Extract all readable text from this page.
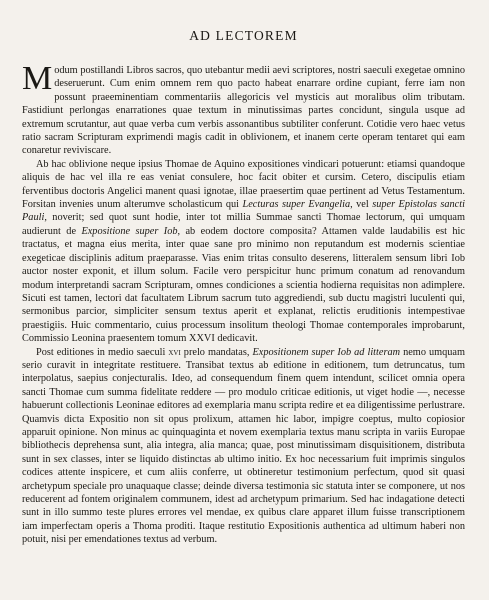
AD LECTOREM

Modum postillandi Libros sacros, quo utebantur medii aevi scriptores, nostri saeculi exegetae omnino deseruerunt. Cum enim omnem rem quo pacto habeat enarrare ordine cupiant, ferre iam non possunt praeeminentiam commentariis allegoricis vel mysticis aut moralibus olim tributam. Fastidiunt perlongas enarrationes quae textum in minutissimas partes concidunt, singula usque ad extremum scrutantur, aut quae verba cum verbis assonantibus subtiliter conferunt. Cotidie vero haec vetus ratio sacram Scripturam exprimendi magis cadit in oblivionem, et inanem certe operam tentaret qui eam conaretur reviviscare.

Ab hac oblivione neque ipsius Thomae de Aquino expositiones vindicari potuerunt: etiamsi quandoque aliquis de hac vel illa re eas veniat consulere, hoc facit obiter et cursim. Cetero, discipulis etiam ferventibus doctoris Angelici manent quasi ignotae, illae praesertim quae pertinent ad Vetus Testamentum. Forsitan invenies unum alterumve scholasticum qui Lecturas super Evangelia, vel super Epistolas sancti Pauli, noverit; sed quot sunt hodie, inter tot millia Summae sancti Thomae lectorum, qui umquam audierunt de Expositione super Iob, ab eodem doctore composita? Attamen valde laudabilis est hic tractatus, et magna eius merita, inter quae sane pro minimo non reputandum est modernis scientiae exegeticae disciplinis aditum praeparasse. Vias enim tritas consulto deserens, litteralem sensum libri Iob auctor noster exponit, et illum solum. Facile vero perspicitur hunc primum conatum ad renovandum modum interpretandi sacram Scripturam, omnes condiciones a scientia hodierna requisitas non adimplere. Sicuti est tamen, lectori dat facultatem Librum sacrum tuto aggrediendi, sub ductu magistri luculenti qui, sermonibus parcior, simpliciter sensum textus aperit et explanat, relictis eruditionis intempestivae praestigiis. Huic commentario, cuius processum insolitum theologi Thomae contemporales improbarunt, Commissio Leonina praesentem tomum XXVI dedicavit.

Post editiones in medio saeculi xvi prelo mandatas, Expositionem super Iob ad litteram nemo umquam serio curavit in integritate restituere. Transibat textus ab editione in editionem, tum detruncatus, tum interpolatus, saepius conjecturalis. Ideo, ad consequendum finem quem intendunt, scilicet omnia opera sancti Thomae cum summa fidelitate reddere — pro modulo criticae editionis, ut viget hodie —, necesse habuerunt collectionis Leoninae editores ad exemplaria manu scripta redire et ea diligentissime perlustrare. Quamvis dicta Expositio non sit opus prolixum, attamen hic labor, impigre coeptus, multo copiosior apparuit opinione. Non minus ac quinquaginta et novem exemplaria textus manu scripta in variis Europae bibliothecis deprehensa sunt, alia integra, alia manca; quae, post minutissimam disquisitionem, distributa sunt in sex classes, inter se liquido distinctas ab ultimo initio. Ex hoc necessarium fuit imprimis singulos codices attente inspicere, et cum aliis conferre, ut obtineretur testimonium perfectum, quod sit quasi archetypum speciale pro unaquaque classe; deinde diversa testimonia sic statuta inter se componere, ut nos reducerent ad fontem originalem communem, idest ad archetypum primarium. Sed hac indagatione detecti sunt in illo summo teste plures errores vel mendae, ex quibus clare apparet illum fuisse transcriptionem iam imperfectam operis a Thoma proditi. Itaque restitutio Expositionis authentica ad ultimum haberi non potuit, nisi per emendationes textus ad verbum.
